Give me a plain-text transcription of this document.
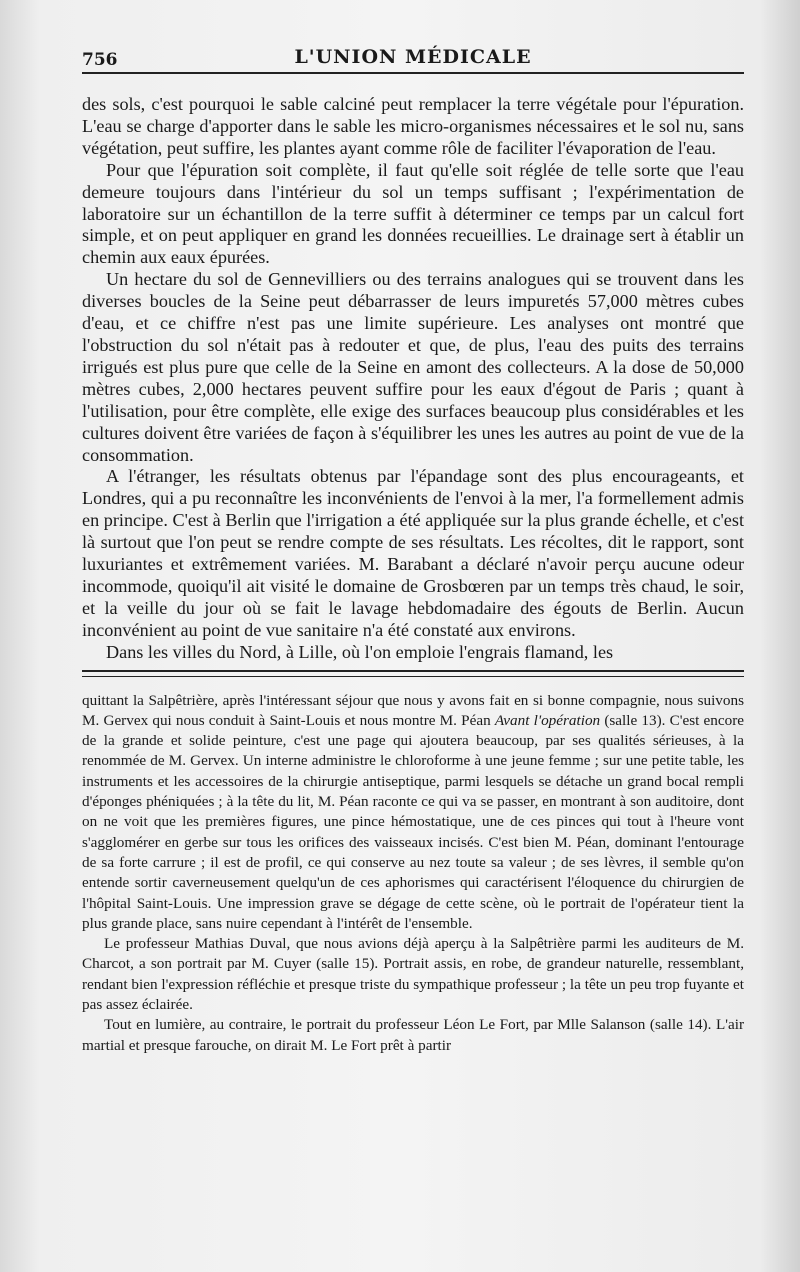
756	L'UNION MÉDICALE

des sols, c'est pourquoi le sable calciné peut remplacer la terre végétale pour l'épuration. L'eau se charge d'apporter dans le sable les micro-organismes nécessaires et le sol nu, sans végétation, peut suffire, les plantes ayant comme rôle de faciliter l'évaporation de l'eau.

Pour que l'épuration soit complète, il faut qu'elle soit réglée de telle sorte que l'eau demeure toujours dans l'intérieur du sol un temps suffisant ; l'expérimentation de laboratoire sur un échantillon de la terre suffit à déterminer ce temps par un calcul fort simple, et on peut appliquer en grand les données recueillies. Le drainage sert à établir un chemin aux eaux épurées.

Un hectare du sol de Gennevilliers ou des terrains analogues qui se trouvent dans les diverses boucles de la Seine peut débarrasser de leurs impuretés 57,000 mètres cubes d'eau, et ce chiffre n'est pas une limite supérieure. Les analyses ont montré que l'obstruction du sol n'était pas à redouter et que, de plus, l'eau des puits des terrains irrigués est plus pure que celle de la Seine en amont des collecteurs. A la dose de 50,000 mètres cubes, 2,000 hectares peuvent suffire pour les eaux d'égout de Paris ; quant à l'utilisation, pour être complète, elle exige des surfaces beaucoup plus considérables et les cultures doivent être variées de façon à s'équilibrer les unes les autres au point de vue de la consommation.

A l'étranger, les résultats obtenus par l'épandage sont des plus encourageants, et Londres, qui a pu reconnaître les inconvénients de l'envoi à la mer, l'a formellement admis en principe. C'est à Berlin que l'irrigation a été appliquée sur la plus grande échelle, et c'est là surtout que l'on peut se rendre compte de ses résultats. Les récoltes, dit le rapport, sont luxuriantes et extrêmement variées. M. Barabant a déclaré n'avoir perçu aucune odeur incommode, quoiqu'il ait visité le domaine de Grosbœren par un temps très chaud, le soir, et la veille du jour où se fait le lavage hebdomadaire des égouts de Berlin. Aucun inconvénient au point de vue sanitaire n'a été constaté aux environs.

Dans les villes du Nord, à Lille, où l'on emploie l'engrais flamand, les

quittant la Salpêtrière, après l'intéressant séjour que nous y avons fait en si bonne compagnie, nous suivons M. Gervex qui nous conduit à Saint-Louis et nous montre M. Péan Avant l'opération (salle 13). C'est encore de la grande et solide peinture, c'est une page qui ajoutera beaucoup, par ses qualités sérieuses, à la renommée de M. Gervex. Un interne administre le chloroforme à une jeune femme ; sur une petite table, les instruments et les accessoires de la chirurgie antiseptique, parmi lesquels se détache un grand bocal rempli d'éponges phéniquées ; à la tête du lit, M. Péan raconte ce qui va se passer, en montrant à son auditoire, dont on ne voit que les premières figures, une pince hémostatique, une de ces pinces qui tout à l'heure vont s'agglomérer en gerbe sur tous les orifices des vaisseaux incisés. C'est bien M. Péan, dominant l'entourage de sa forte carrure ; il est de profil, ce qui conserve au nez toute sa valeur ; de ses lèvres, il semble qu'on entende sortir caverneusement quelqu'un de ces aphorismes qui caractérisent l'éloquence du chirurgien de l'hôpital Saint-Louis. Une impression grave se dégage de cette scène, où le portrait de l'opérateur tient la plus grande place, sans nuire cependant à l'intérêt de l'ensemble.

Le professeur Mathias Duval, que nous avions déjà aperçu à la Salpêtrière parmi les auditeurs de M. Charcot, a son portrait par M. Cuyer (salle 15). Portrait assis, en robe, de grandeur naturelle, ressemblant, rendant bien l'expression réfléchie et presque triste du sympathique professeur ; la tête un peu trop fuyante et pas assez éclairée.

Tout en lumière, au contraire, le portrait du professeur Léon Le Fort, par Mlle Salanson (salle 14). L'air martial et presque farouche, on dirait M. Le Fort prêt à partir
